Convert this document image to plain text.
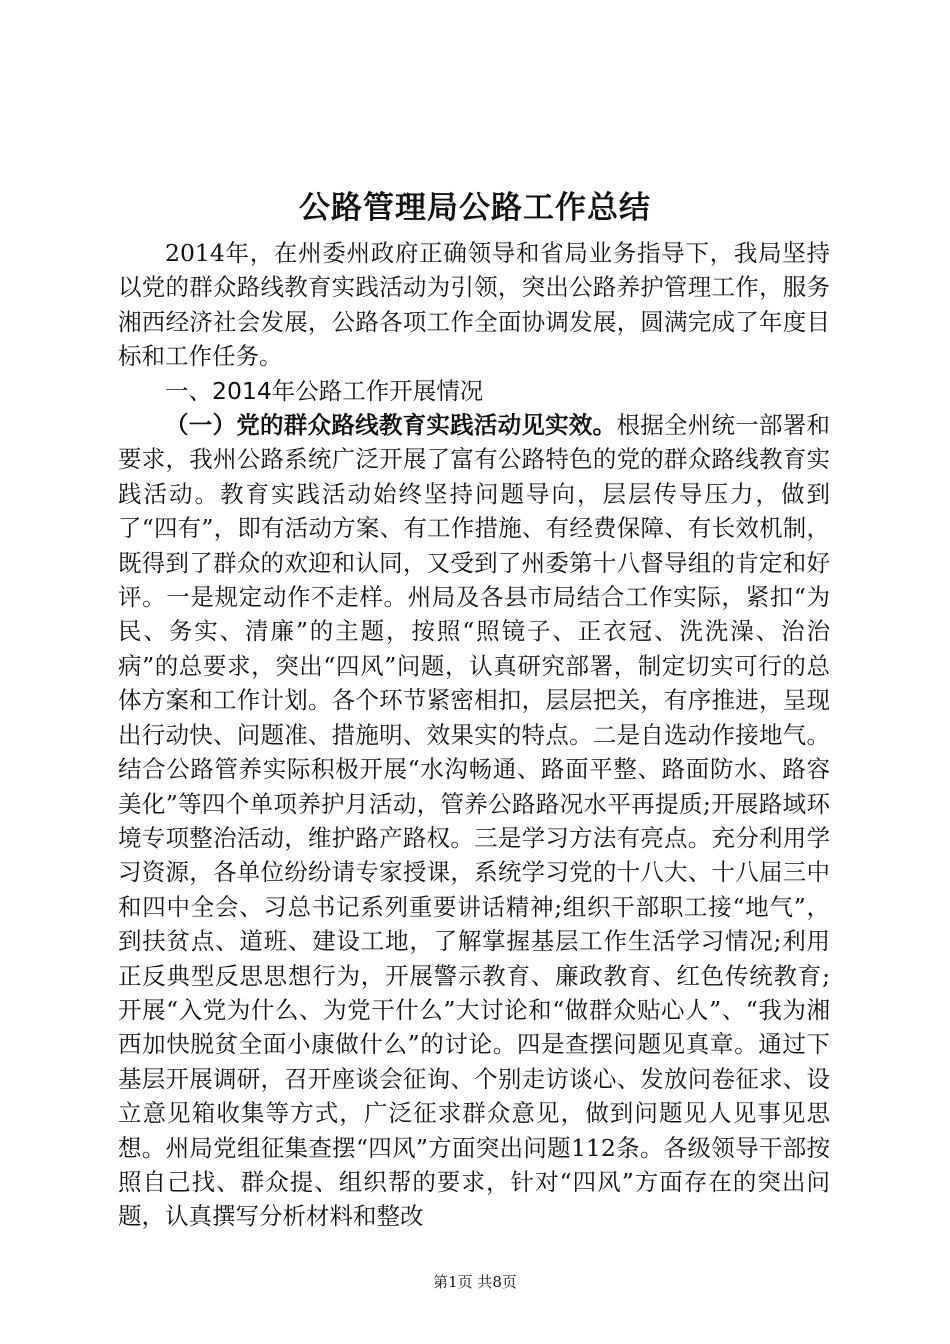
公路管理局公路工作总结

2014年，在州委州政府正确领导和省局业务指导下，我局坚持以党的群众路线教育实践活动为引领，突出公路养护管理工作，服务湘西经济社会发展，公路各项工作全面协调发展，圆满完成了年度目标和工作任务。

一、2014年公路工作开展情况

（一）党的群众路线教育实践活动见实效。根据全州统一部署和要求，我州公路系统广泛开展了富有公路特色的党的群众路线教育实践活动。教育实践活动始终坚持问题导向，层层传导压力，做到了“四有”，即有活动方案、有工作措施、有经费保障、有长效机制，既得到了群众的欢迎和认同，又受到了州委第十八督导组的肯定和好评。一是规定动作不走样。州局及各县市局结合工作实际，紧扣“为民、务实、清廉”的主题，按照“照镜子、正衣冠、洗洗澡、治治病”的总要求，突出“四风”问题，认真研究部署，制定切实可行的总体方案和工作计划。各个环节紧密相扣，层层把关，有序推进，呈现出行动快、问题准、措施明、效果实的特点。二是自选动作接地气。结合公路管养实际积极开展“水沟畅通、路面平整、路面防水、路容美化”等四个单项养护月活动，管养公路路况水平再提质;开展路域环境专项整治活动，维护路产路权。三是学习方法有亮点。充分利用学习资源，各单位纷纷请专家授课，系统学习党的十八大、十八届三中和四中全会、习总书记系列重要讲话精神;组织干部职工接“地气”，到扶贫点、道班、建设工地，了解掌握基层工作生活学习情况;利用正反典型反思思想行为，开展警示教育、廉政教育、红色传统教育;开展“入党为什么、为党干什么”大讨论和“做群众贴心人”、“我为湘西加快脱贫全面小康做什么”的讨论。四是查摆问题见真章。通过下基层开展调研，召开座谈会征询、个别走访谈心、发放问卷征求、设立意见箱收集等方式，广泛征求群众意见，做到问题见人见事见思想。州局党组征集查摆“四风”方面突出问题112条。各级领导干部按照自己找、群众提、组织帮的要求，针对“四风”方面存在的突出问题，认真撰写分析材料和整改

第1页 共8页
